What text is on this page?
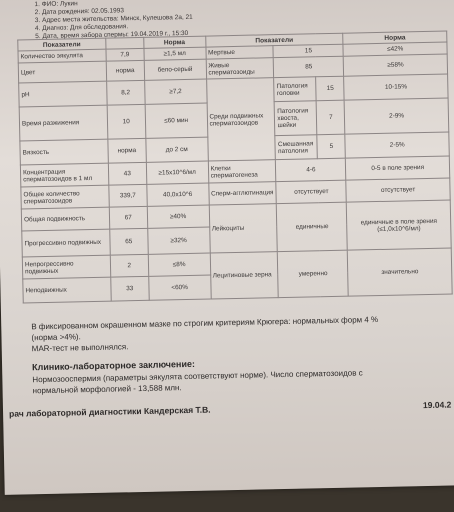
1. ФИО: Лукин
2. Дата рождения: 02.05.1993
3. Адрес места жительства: Минск, Кулешова 2а, 21
4. Диагноз: Для обследования.
5. Дата, время забора спермы: 19.04.2019 г., 15:30
Показатели		Норма	Показатели			Норма
Количество эякулята	7,9	≥1,5 мл	Мертвые	15		≤42%
Цвет	норма	бело-серый	Живые сперматозоиды	85		≥58%
pH	8,2	≥7,2	Среди подвижных сперматозоидов	Патология головки	15	10-15%
Время разжижения	10	≤60 мин		Патология хвоста, шейки	7	2-9%
Вязкость	норма	до 2 см		Смешанная патология	5	2-5%
Концентрация сперматозоидов в 1 мл	43	≥15х10^6/мл	Клетки сперматогенеза	4-6		0-5 в поле зрения
Общее количество сперматозоидов	339,7	40,0х10^6	Сперм-агглютинация	отсутствует		отсутствует
Общая подвижность	67	≥40%	Лейкоциты	единичные		единичные в поле зрения (≤1,0х10^6/мл)
Прогрессивно подвижных	65	≥32%				
Непрогрессивно подвижных	2	≤8%	Лецитиновые зерна	умеренно		значительно
Неподвижных	33	<60%				
В фиксированном окрашенном мазке по строгим критериям Крюгера: нормальных форм 4 %
(норма >4%).
MAR-тест не выполнялся.
Клинико-лабораторное заключение:
Нормозооспермия (параметры эякулята соответствуют норме). Число сперматозоидов с
нормальной морфологией - 13,588 млн.
рач лабораторной диагностики Кандерская Т.В.	19.04.2
